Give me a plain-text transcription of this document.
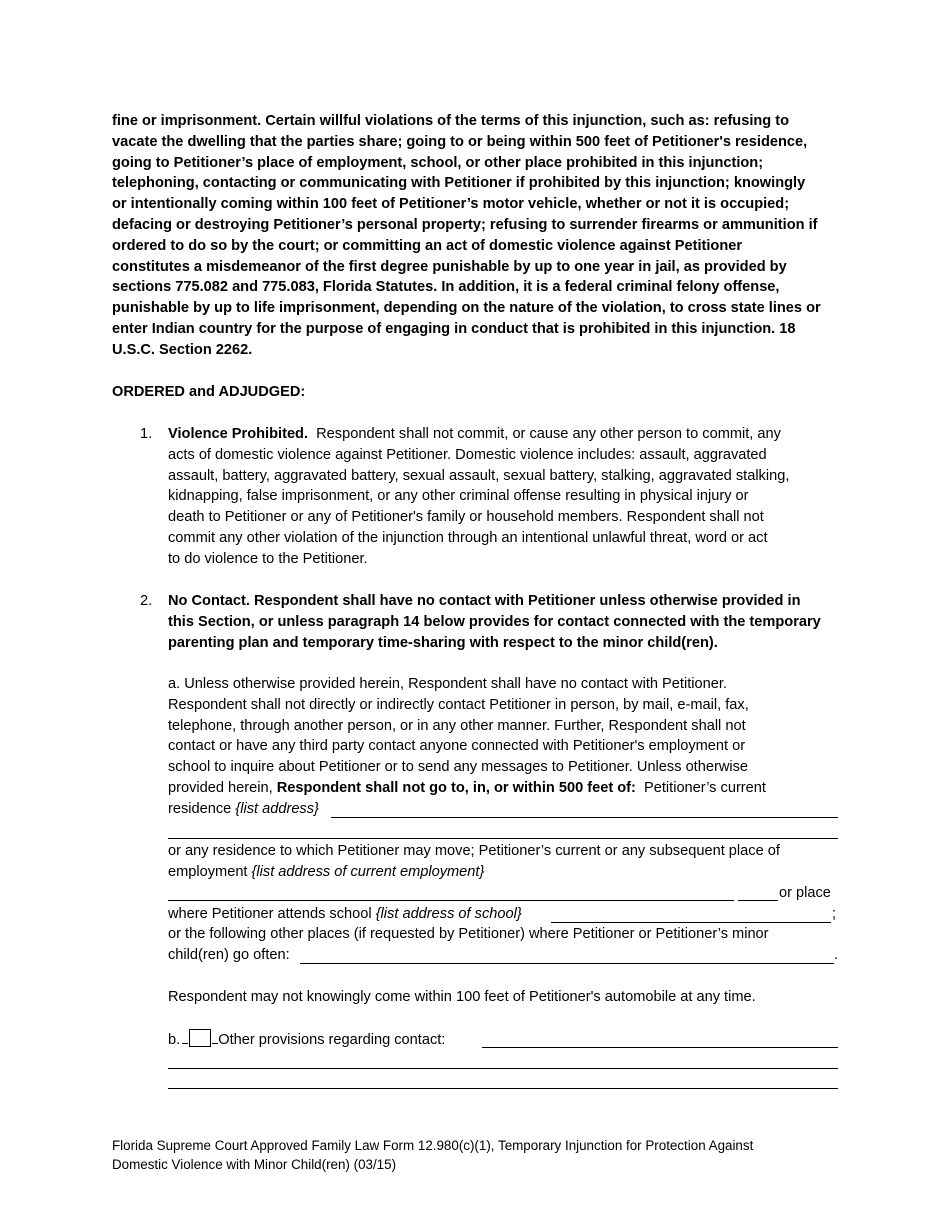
fine or imprisonment. Certain willful violations of the terms of this injunction, such as: refusing to
vacate the dwelling that the parties share; going to or being within 500 feet of Petitioner's residence,
going to Petitioner’s place of employment, school, or other place prohibited in this injunction;
telephoning, contacting or communicating with Petitioner if prohibited by this injunction; knowingly
or intentionally coming within 100 feet of Petitioner’s motor vehicle, whether or not it is occupied;
defacing or destroying Petitioner’s personal property; refusing to surrender firearms or ammunition if
ordered to do so by the court; or committing an act of domestic violence against Petitioner
constitutes a misdemeanor of the first degree punishable by up to one year in jail, as provided by
sections 775.082 and 775.083, Florida Statutes. In addition, it is a federal criminal felony offense,
punishable by up to life imprisonment, depending on the nature of the violation, to cross state lines or
enter Indian country for the purpose of engaging in conduct that is prohibited in this injunction. 18
U.S.C. Section 2262.
ORDERED and ADJUDGED:
1. Violence Prohibited.  Respondent shall not commit, or cause any other person to commit, any
acts of domestic violence against Petitioner. Domestic violence includes: assault, aggravated
assault, battery, aggravated battery, sexual assault, sexual battery, stalking, aggravated stalking,
kidnapping, false imprisonment, or any other criminal offense resulting in physical injury or
death to Petitioner or any of Petitioner's family or household members. Respondent shall not
commit any other violation of the injunction through an intentional unlawful threat, word or act
to do violence to the Petitioner.
2. No Contact. Respondent shall have no contact with Petitioner unless otherwise provided in
this Section, or unless paragraph 14 below provides for contact connected with the temporary
parenting plan and temporary time-sharing with respect to the minor child(ren).
a. Unless otherwise provided herein, Respondent shall have no contact with Petitioner.
Respondent shall not directly or indirectly contact Petitioner in person, by mail, e-mail, fax,
telephone, through another person, or in any other manner. Further, Respondent shall not
contact or have any third party contact anyone connected with Petitioner's employment or
school to inquire about Petitioner or to send any messages to Petitioner. Unless otherwise
provided herein, Respondent shall not go to, in, or within 500 feet of:  Petitioner’s current
residence {list address}
or any residence to which Petitioner may move; Petitioner’s current or any subsequent place of
employment {list address of current employment}
or place
where Petitioner attends school {list address of school}	;
or the following other places (if requested by Petitioner) where Petitioner or Petitioner’s minor
child(ren) go often:	.
Respondent may not knowingly come within 100 feet of Petitioner's automobile at any time.
b.	Other provisions regarding contact:
Florida Supreme Court Approved Family Law Form 12.980(c)(1), Temporary Injunction for Protection Against
Domestic Violence with Minor Child(ren) (03/15)
